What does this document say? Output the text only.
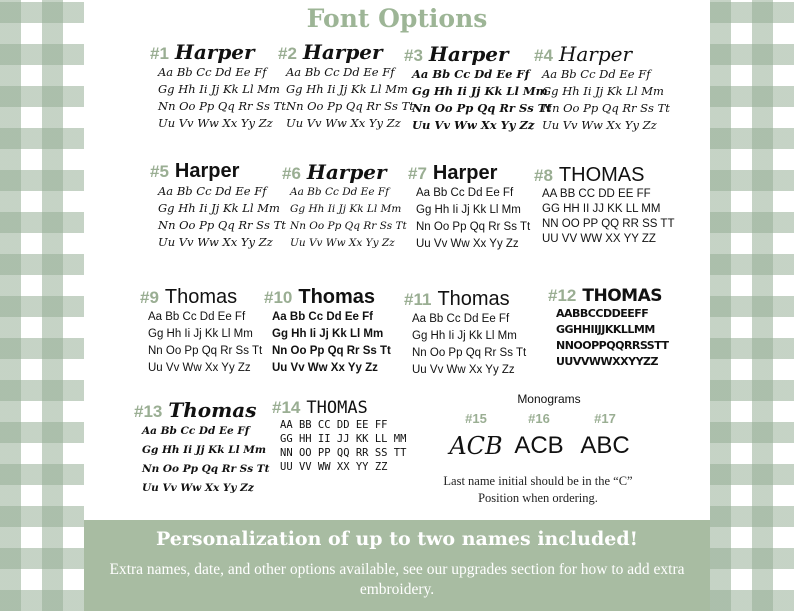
Font Options
#1 Harper
Aa Bb Cc Dd Ee Ff
Gg Hh Ii Jj Kk Ll Mm
Nn Oo Pp Qq Rr Ss Tt
Uu Vv Ww Xx Yy Zz
#2 Harper
Aa Bb Cc Dd Ee Ff
Gg Hh Ii Jj Kk Ll Mm
Nn Oo Pp Qq Rr Ss Tt
Uu Vv Ww Xx Yy Zz
#3 Harper
Aa Bb Cc Dd Ee Ff
Gg Hh Ii Jj Kk Ll Mm
Nn Oo Pp Qq Rr Ss Tt
Uu Vv Ww Xx Yy Zz
#4 Harper
Aa Bb Cc Dd Ee Ff
Gg Hh Ii Jj Kk Ll Mm
Nn Oo Pp Qq Rr Ss Tt
Uu Vv Ww Xx Yy Zz
#5 Harper
Aa Bb Cc Dd Ee Ff
Gg Hh Ii Jj Kk Ll Mm
Nn Oo Pp Qq Rr Ss Tt
Uu Vv Ww Xx Yy Zz
#6 Harper
Aa Bb Cc Dd Ee Ff
Gg Hh Ii Jj Kk Ll Mm
Nn Oo Pp Qq Rr Ss Tt
Uu Vv Ww Xx Yy Zz
#7 Harper
Aa Bb Cc Dd Ee Ff
Gg Hh Ii Jj Kk Ll Mm
Nn Oo Pp Qq Rr Ss Tt
Uu Vv Ww Xx Yy Zz
#8 THOMAS
AA BB CC DD EE FF
GG HH II JJ KK LL MM
NN OO PP QQ RR SS TT
UU VV WW XX YY ZZ
#9 Thomas
Aa Bb Cc Dd Ee Ff
Gg Hh Ii Jj Kk Ll Mm
Nn Oo Pp Qq Rr Ss Tt
Uu Vv Ww Xx Yy Zz
#10 Thomas
Aa Bb Cc Dd Ee Ff
Gg Hh Ii Jj Kk Ll Mm
Nn Oo Pp Qq Rr Ss Tt
Uu Vv Ww Xx Yy Zz
#11 Thomas
Aa Bb Cc Dd Ee Ff
Gg Hh Ii Jj Kk Ll Mm
Nn Oo Pp Qq Rr Ss Tt
Uu Vv Ww Xx Yy Zz
#12 THOMAS
AABBCCDDEEFF
GGHHIIJJKKLLMM
NNOOPPQQRRSSTT
UUVVWWXXYYZZ
#13 Thomas
Aa Bb Cc Dd Ee Ff
Gg Hh Ii Jj Kk Ll Mm
Nn Oo Pp Qq Rr Ss Tt
Uu Vv Ww Xx Yy Zz
#14 THOMAS
AA BB CC DD EE FF
GG HH II JJ KK LL MM
NN OO PP QQ RR SS TT
UU VV WW XX YY ZZ
Monograms
#15
ACB
#16
ACB
#17
ABC
Last name initial should be in the “C” Position when ordering.
Personalization of up to two names included!
Extra names, date, and other options available, see our upgrades section for how to add extra embroidery.
